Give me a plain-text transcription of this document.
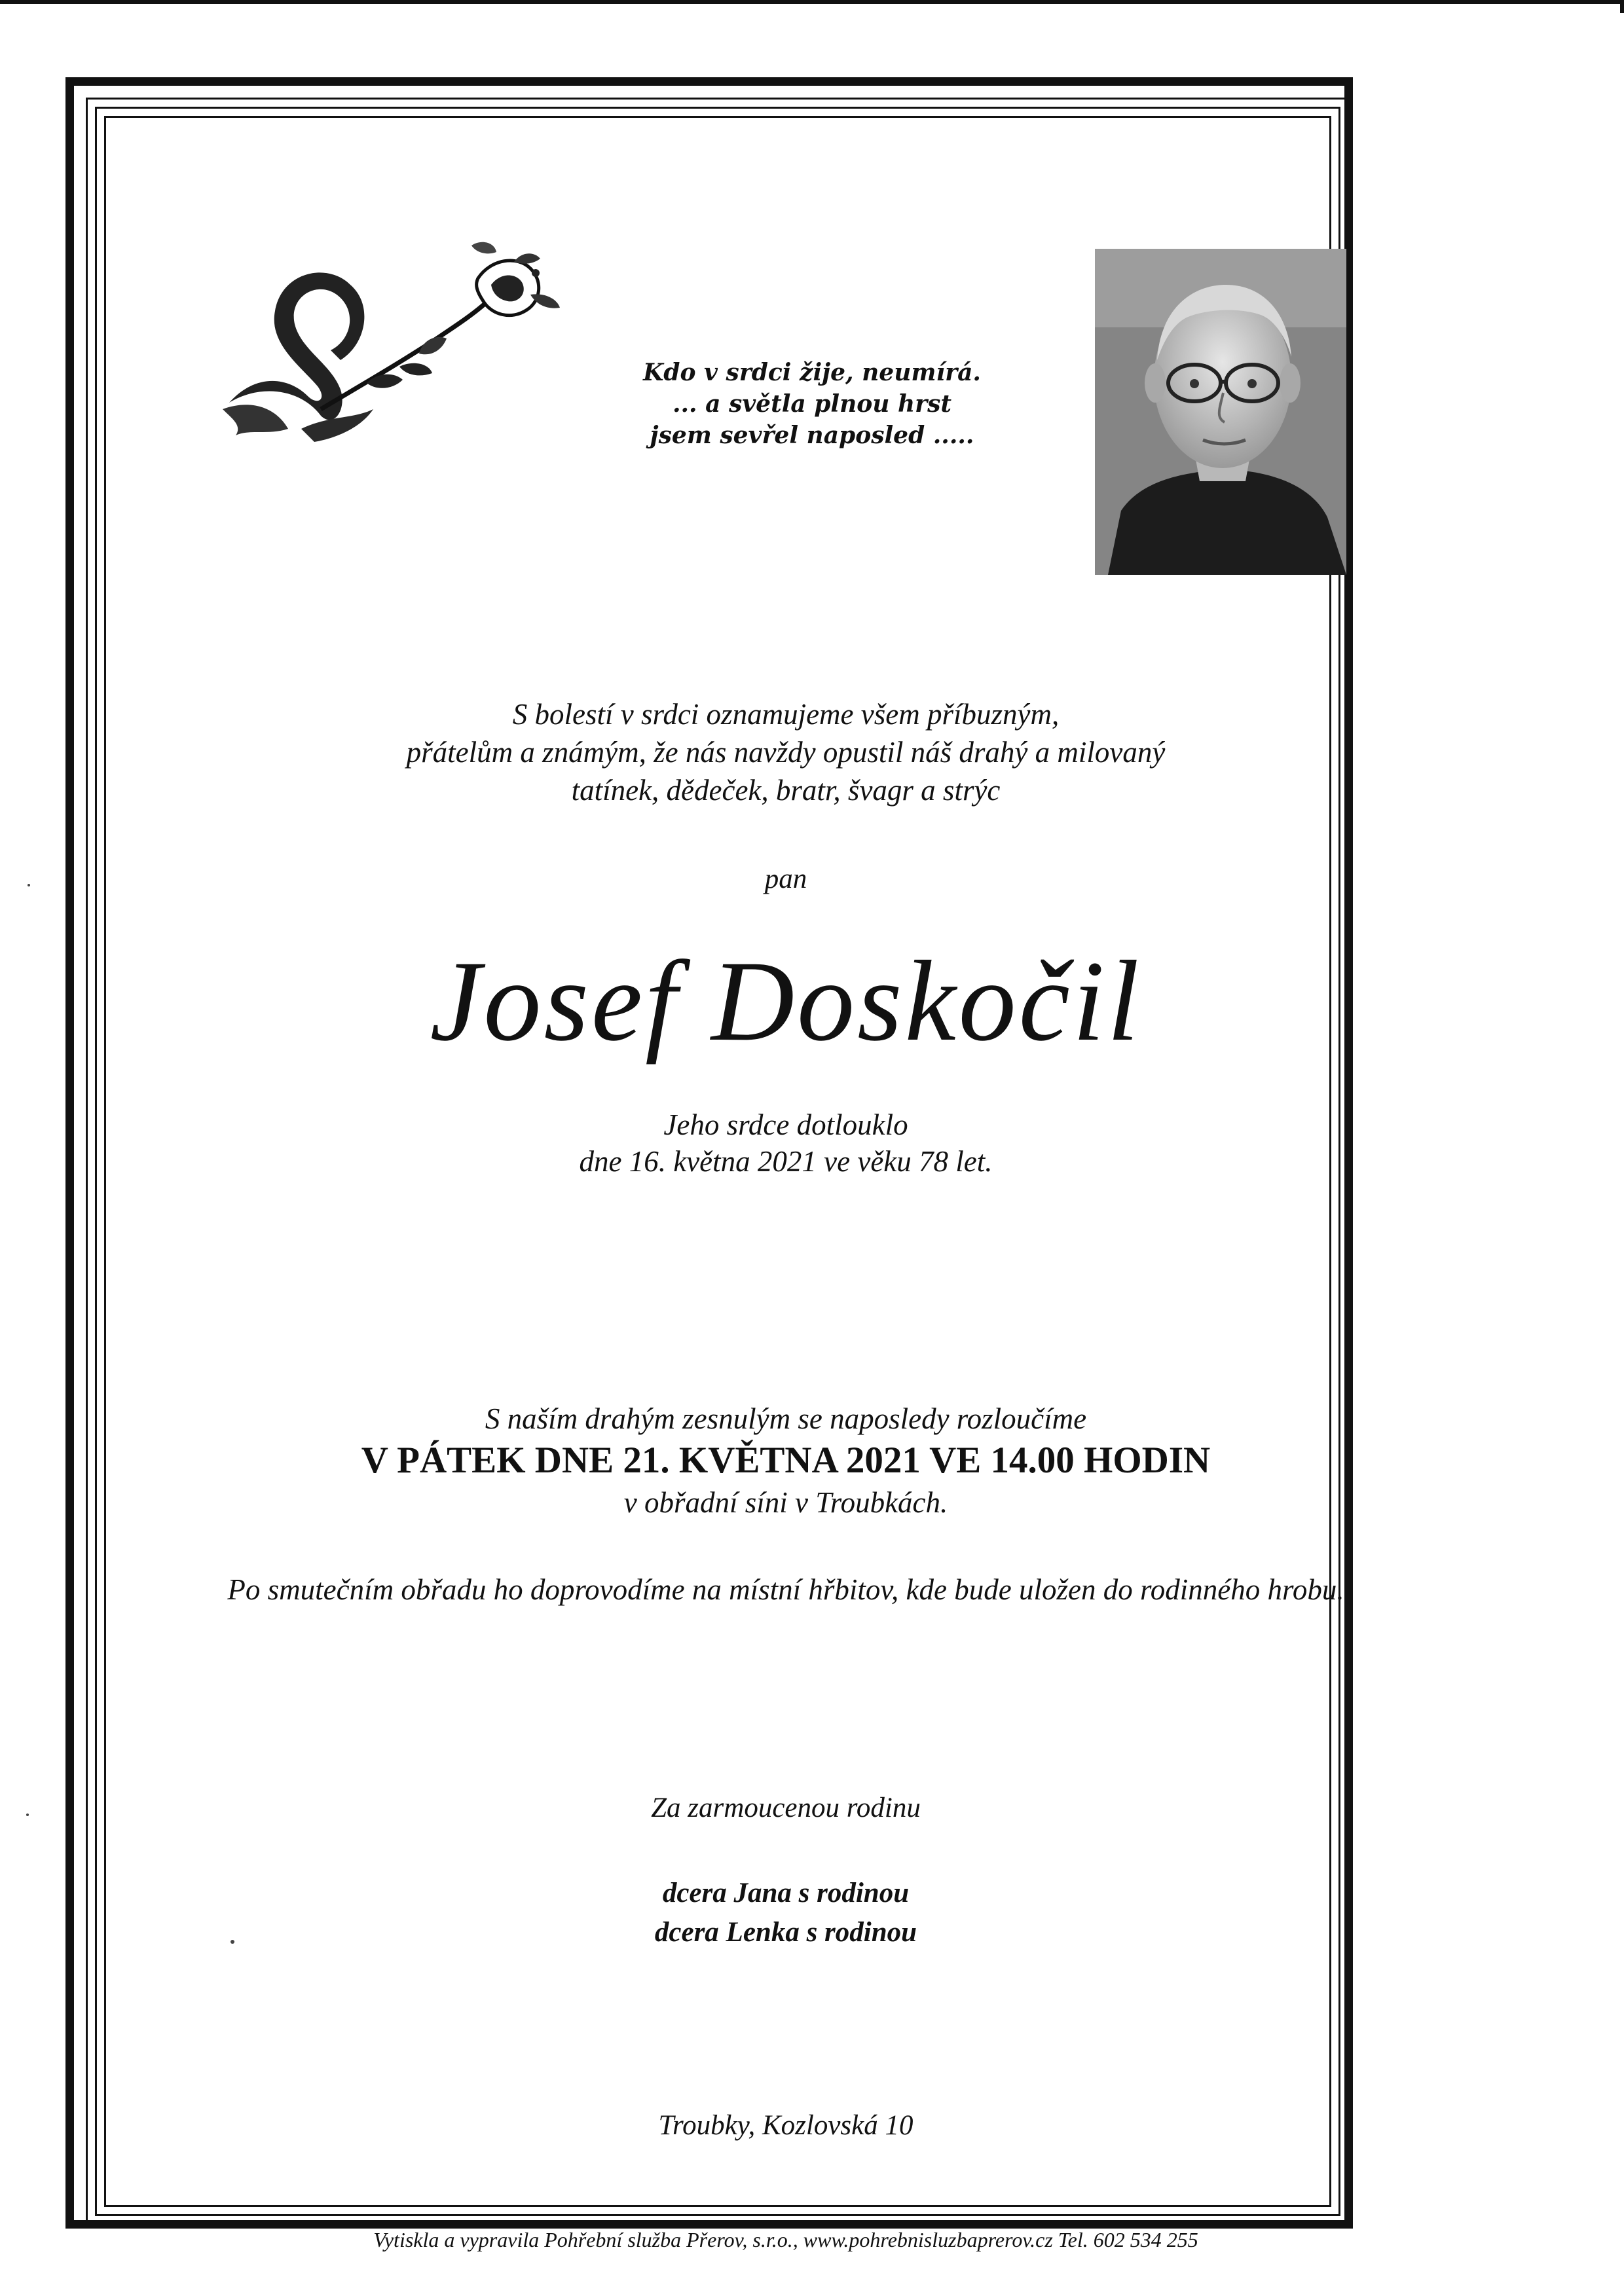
Kdo v srdci žije, neumírá.
... a světla plnou hrst
jsem sevřel naposled .....
S bolestí v srdci oznamujeme všem příbuzným,
přátelům a známým, že nás navždy opustil náš drahý a milovaný
tatínek, dědeček, bratr, švagr a strýc
pan
Josef Doskočil
Jeho srdce dotlouklo
dne 16. května 2021 ve věku 78 let.
S naším drahým zesnulým se naposledy rozloučíme
V PÁTEK DNE 21. KVĚTNA 2021 VE 14.00 HODIN
v obřadní síni v Troubkách.
Po smutečním obřadu ho doprovodíme na místní hřbitov, kde bude uložen do rodinného hrobu.
Za zarmoucenou rodinu
dcera Jana s rodinou
dcera Lenka s rodinou
Troubky, Kozlovská 10
Vytiskla a vypravila Pohřební služba Přerov, s.r.o., www.pohrebnisluzbaprerov.cz Tel. 602 534 255
